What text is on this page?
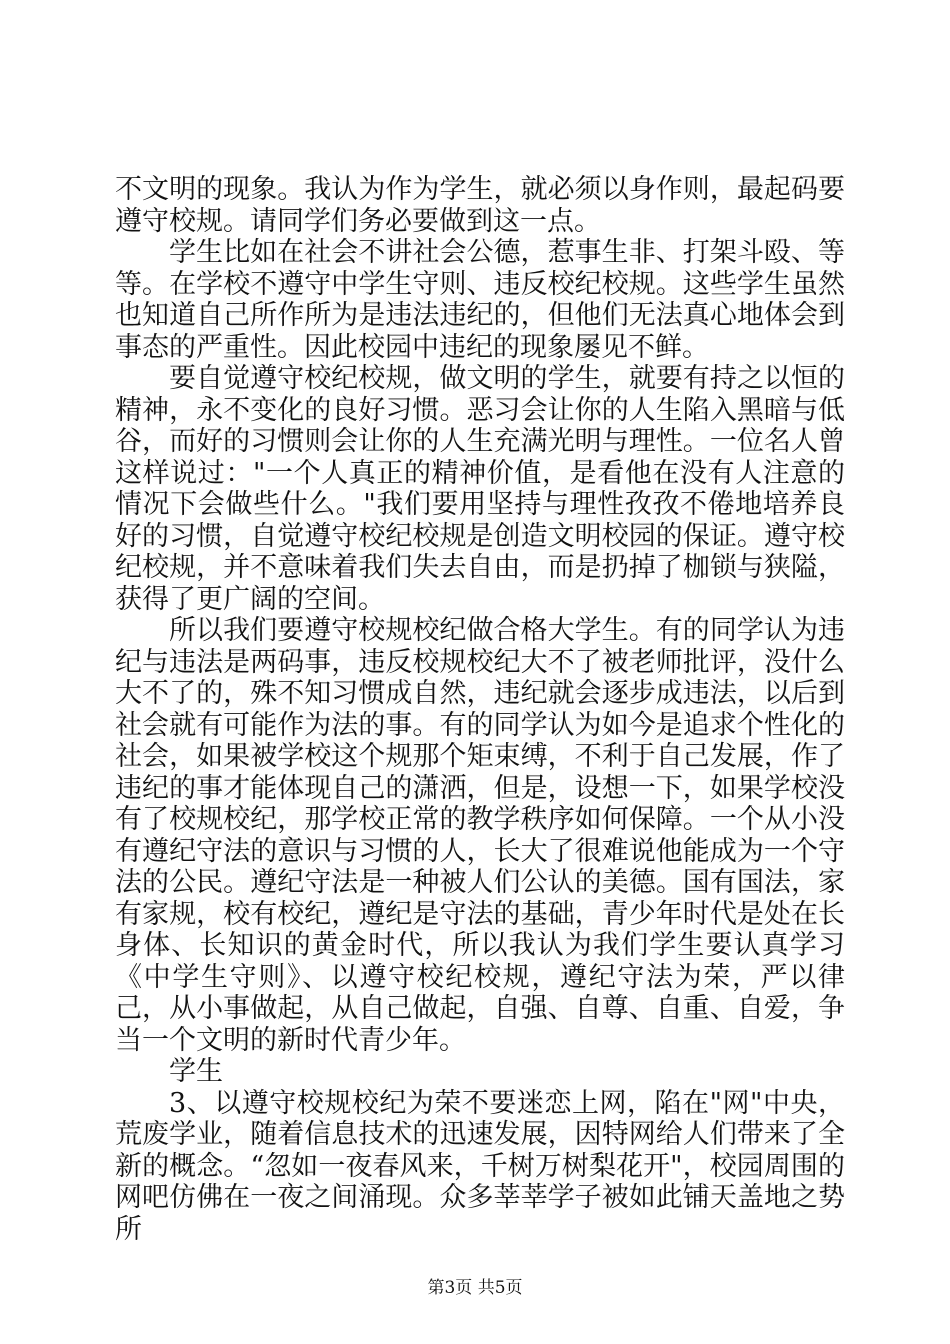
不文明的现象。我认为作为学生，就必须以身作则，最起码要遵守校规。请同学们务必要做到这一点。

学生比如在社会不讲社会公德，惹事生非、打架斗殴、等等。在学校不遵守中学生守则、违反校纪校规。这些学生虽然也知道自己所作所为是违法违纪的，但他们无法真心地体会到事态的严重性。因此校园中违纪的现象屡见不鲜。

要自觉遵守校纪校规，做文明的学生，就要有持之以恒的精神，永不变化的良好习惯。恶习会让你的人生陷入黑暗与低谷，而好的习惯则会让你的人生充满光明与理性。一位名人曾这样说过："一个人真正的精神价值，是看他在没有人注意的情况下会做些什么。"我们要用坚持与理性孜孜不倦地培养良好的习惯，自觉遵守校纪校规是创造文明校园的保证。遵守校纪校规，并不意味着我们失去自由，而是扔掉了枷锁与狭隘，获得了更广阔的空间。

所以我们要遵守校规校纪做合格大学生。有的同学认为违纪与违法是两码事，违反校规校纪大不了被老师批评，没什么大不了的，殊不知习惯成自然，违纪就会逐步成违法，以后到社会就有可能作为法的事。有的同学认为如今是追求个性化的社会，如果被学校这个规那个矩束缚，不利于自己发展，作了违纪的事才能体现自己的潇洒，但是，设想一下，如果学校没有了校规校纪，那学校正常的教学秩序如何保障。一个从小没有遵纪守法的意识与习惯的人，长大了很难说他能成为一个守法的公民。遵纪守法是一种被人们公认的美德。国有国法，家有家规，校有校纪，遵纪是守法的基础，青少年时代是处在长身体、长知识的黄金时代，所以我认为我们学生要认真学习《中学生守则》、以遵守校纪校规，遵纪守法为荣，严以律己，从小事做起，从自己做起，自强、自尊、自重、自爱，争当一个文明的新时代青少年。

学生

3、以遵守校规校纪为荣不要迷恋上网，陷在"网"中央，荒废学业，随着信息技术的迅速发展，因特网给人们带来了全新的概念。“忽如一夜春风来，千树万树梨花开"，校园周围的网吧仿佛在一夜之间涌现。众多莘莘学子被如此铺天盖地之势所

第3页 共5页
